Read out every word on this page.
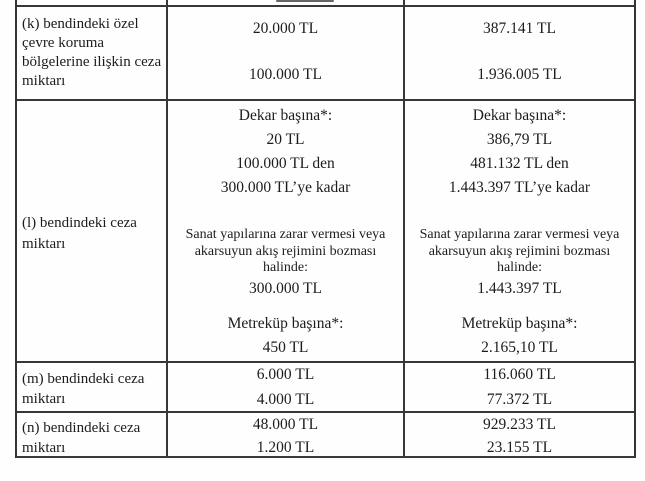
(k) bendindeki özel
çevre koruma
bölgelerine ilişkin ceza
miktarı
20.000 TL
100.000 TL
387.141 TL
1.936.005 TL
(l) bendindeki ceza
miktarı
Dekar başına*:
20 TL
100.000 TL den
300.000 TL’ye kadar
Sanat yapılarına zarar vermesi veya
akarsuyun akış rejimini bozması
halinde:
300.000 TL
Metreküp başına*:
450 TL
Dekar başına*:
386,79 TL
481.132 TL den
1.443.397 TL’ye kadar
Sanat yapılarına zarar vermesi veya
akarsuyun akış rejimini bozması
halinde:
1.443.397 TL
Metreküp başına*:
2.165,10 TL
(m) bendindeki ceza
miktarı
6.000 TL
4.000 TL
116.060 TL
77.372 TL
(n) bendindeki ceza
miktarı
48.000 TL
1.200 TL
929.233 TL
23.155 TL
